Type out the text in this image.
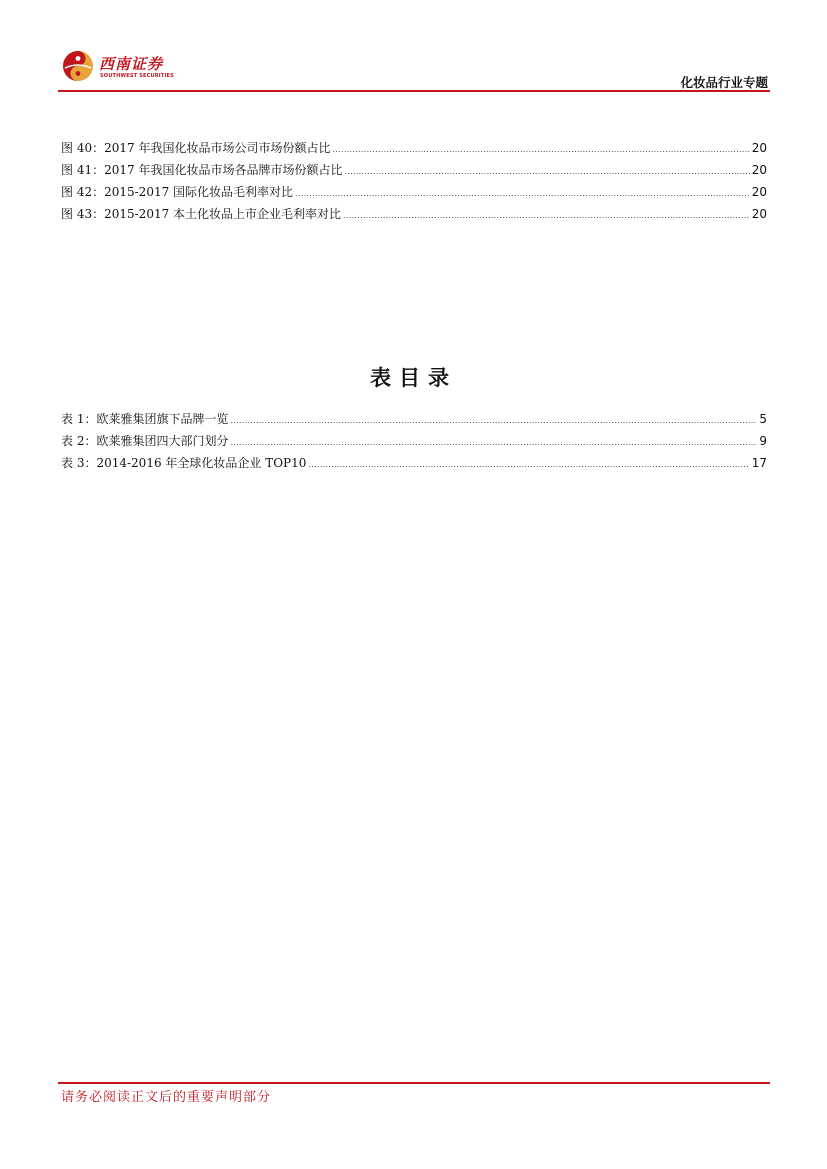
西南证券
SOUTHWEST SECURITIES	化妆品行业专题
图 40：2017 年我国化妆品市场公司市场份额占比 .....	20
图 41：2017 年我国化妆品市场各品牌市场份额占比 .....	20
图 42：2015-2017 国际化妆品毛利率对比 .....	20
图 43：2015-2017 本土化妆品上市企业毛利率对比 .....	20
表目录
表 1：欧莱雅集团旗下品牌一览 .....	5
表 2：欧莱雅集团四大部门划分 .....	9
表 3：2014-2016 年全球化妆品企业 TOP10 .....	17
请务必阅读正文后的重要声明部分
